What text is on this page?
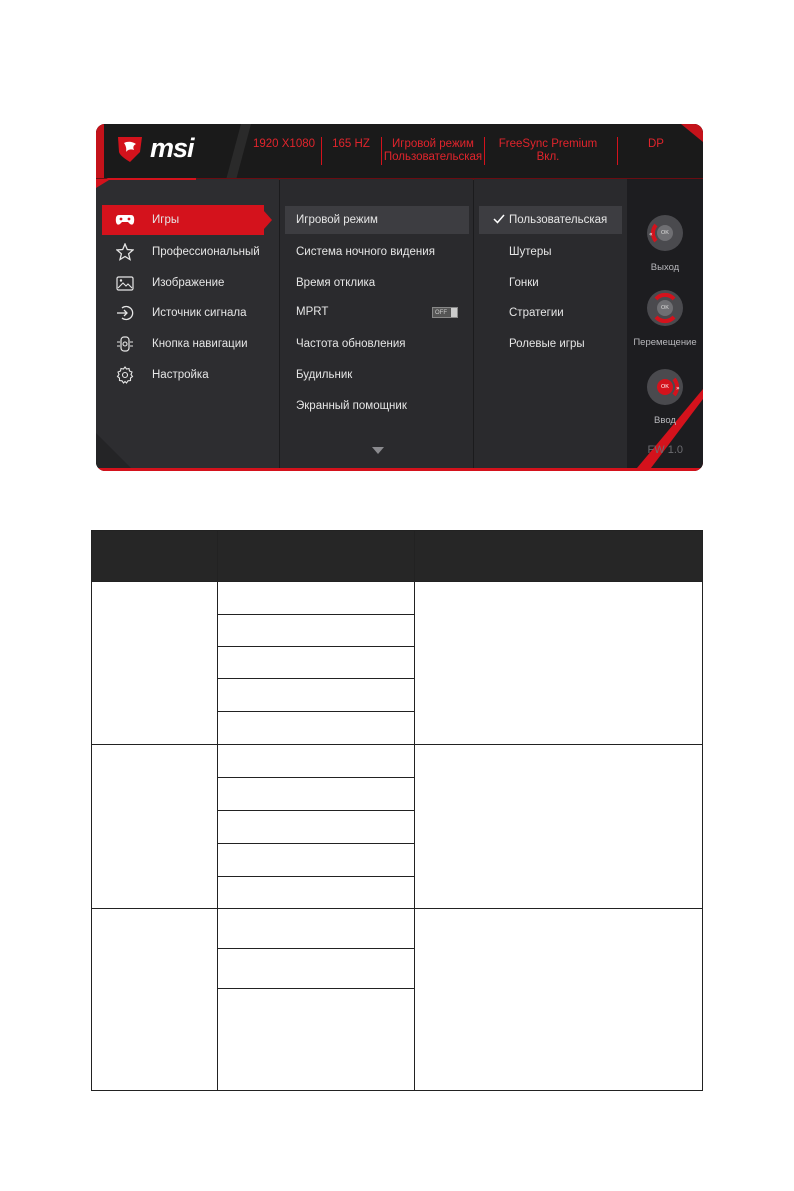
msi	1920 X1080	165 HZ	Игровой режим
Пользовательская
FreeSync Premium
Вкл.
DP
Игры
Профессиональный
Изображение
Источник сигнала
Кнопка навигации
Настройка
Игровой режим
Система ночного видения
Время отклика
MPRT	OFF
Частота обновления
Будильник
Экранный помощник
Пользовательская
Шутеры
Гонки
Стратегии
Ролевые игры
«	OK
Выход
OK
Перемещение
»
OK
Ввод
FW 1.0
